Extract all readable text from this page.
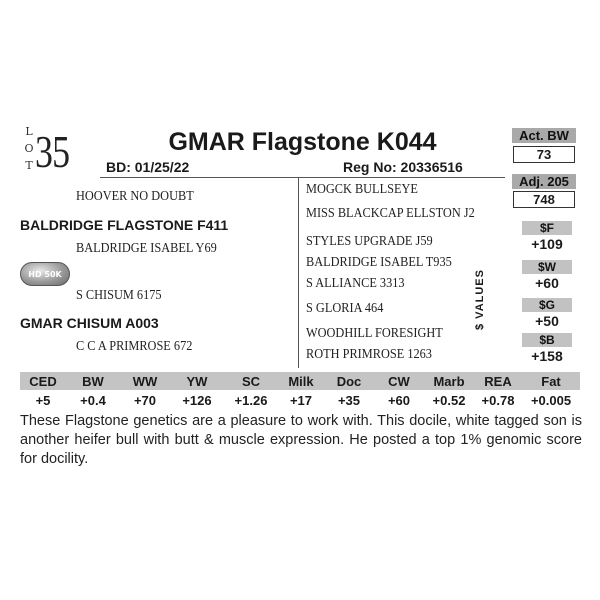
L
O
T 35	GMAR Flagstone K044
BD: 01/25/22	Reg No: 20336516
HOOVER NO DOUBT
BALDRIDGE FLAGSTONE F411
BALDRIDGE ISABEL Y69
HD 50K
S CHISUM 6175
GMAR CHISUM A003
C C A PRIMROSE 672
MOGCK BULLSEYE
MISS BLACKCAP ELLSTON J2
STYLES UPGRADE J59
BALDRIDGE ISABEL T935
S ALLIANCE 3313
S GLORIA 464
WOODHILL FORESIGHT
ROTH PRIMROSE 1263
Act. BW
73
Adj. 205
748
$ VALUES
$F
+109
$W
+60
$G
+50
$B
+158
CED	BW	WW	YW	SC	Milk	Doc	CW	Marb	REA	Fat
+5	+0.4	+70	+126	+1.26	+17	+35	+60	+0.52	+0.78	+0.005
These Flagstone genetics are a pleasure to work with. This docile, white tagged son is another heifer bull with butt & muscle expression. He posted a top 1% genomic score for docility.
